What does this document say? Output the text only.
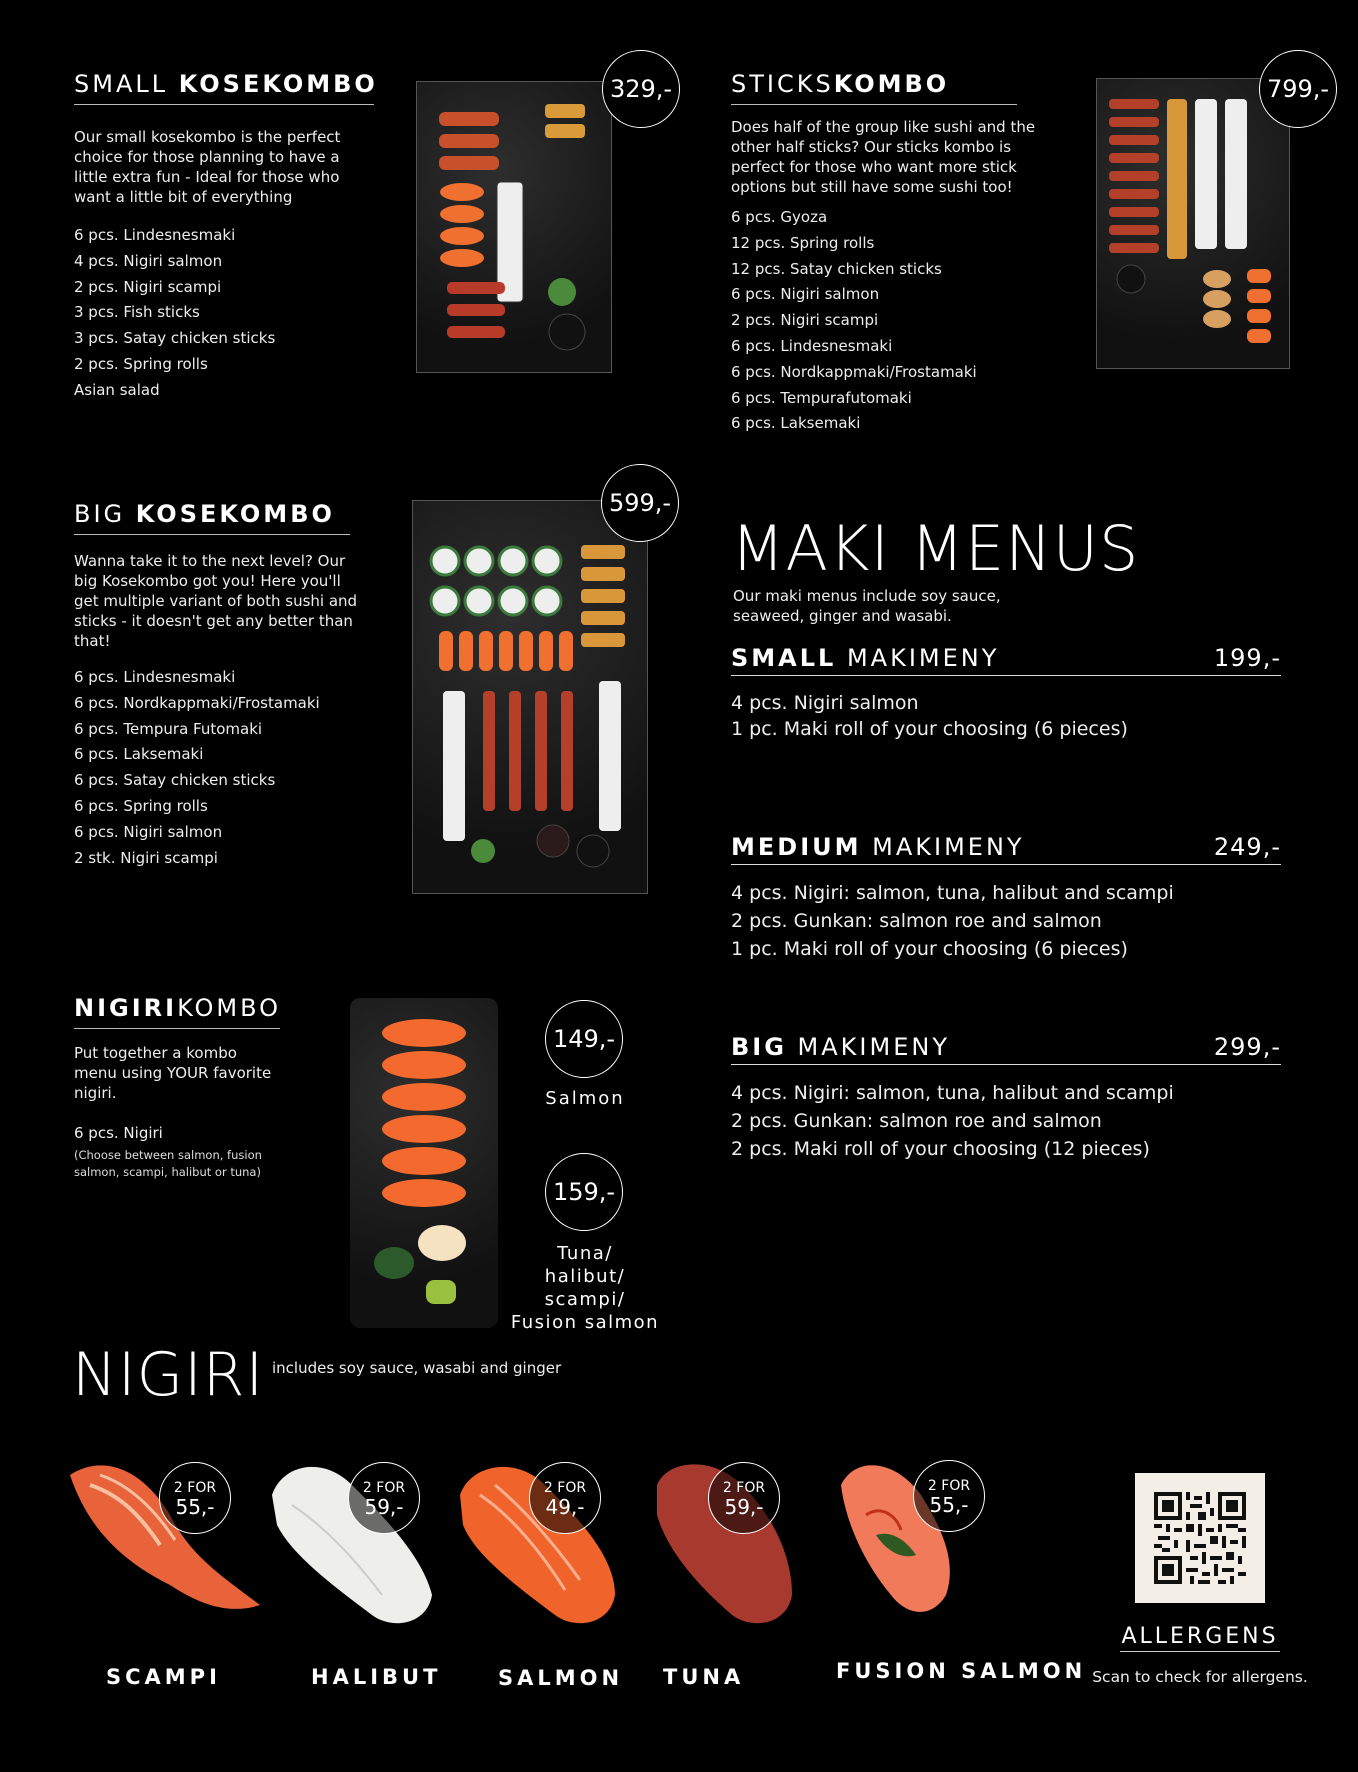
SMALL KOSEKOMBO
Our small kosekombo is the perfect choice for those planning to have a little extra fun - Ideal for those who want a little bit of everything
6 pcs. Lindesnesmaki
4 pcs. Nigiri salmon
2 pcs. Nigiri scampi
3 pcs. Fish sticks
3 pcs. Satay chicken sticks
2 pcs. Spring rolls
Asian salad
329,-	STICKSKOMBO
Does half of the group like sushi and the other half sticks? Our sticks kombo is perfect for those who want more stick options but still have some sushi too!
6 pcs. Gyoza
12 pcs. Spring rolls
12 pcs. Satay chicken sticks
6 pcs. Nigiri salmon
2 pcs. Nigiri scampi
6 pcs. Lindesnesmaki
6 pcs. Nordkappmaki/Frostamaki
6 pcs. Tempurafutomaki
6 pcs. Laksemaki
799,-
BIG KOSEKOMBO
Wanna take it to the next level? Our big Kosekombo got you! Here you'll get multiple variant of both sushi and sticks - it doesn't get any better than that!
6 pcs. Lindesnesmaki
6 pcs. Nordkappmaki/Frostamaki
6 pcs. Tempura Futomaki
6 pcs. Laksemaki
6 pcs. Satay chicken sticks
6 pcs. Spring rolls
6 pcs. Nigiri salmon
2 stk. Nigiri scampi
599,-
NIGIRIKOMBO
Put together a kombo menu using YOUR favorite nigiri.
6 pcs. Nigiri
(Choose between salmon, fusion salmon, scampi, halibut or tuna)
149,-
Salmon
159,-
Tuna/
halibut/
scampi/
Fusion salmon
MAKI MENUS
Our maki menus include soy sauce, seaweed, ginger and wasabi.
SMALL MAKIMENY	199,-
4 pcs. Nigiri salmon
1 pc. Maki roll of your choosing (6 pieces)
MEDIUM MAKIMENY	249,-
4 pcs. Nigiri: salmon, tuna, halibut and scampi
2 pcs. Gunkan: salmon roe and salmon
1 pc. Maki roll of your choosing (6 pieces)
BIG MAKIMENY	299,-
4 pcs. Nigiri: salmon, tuna, halibut and scampi
2 pcs. Gunkan: salmon roe and salmon
2 pcs. Maki roll of your choosing (12 pieces)
NIGIRI includes soy sauce, wasabi and ginger
2 FOR
55,-
SCAMPI
2 FOR
59,-
HALIBUT
2 FOR
49,-
SALMON
2 FOR
59,-
TUNA
2 FOR
55,-
FUSION SALMON
ALLERGENS
Scan to check for allergens.
